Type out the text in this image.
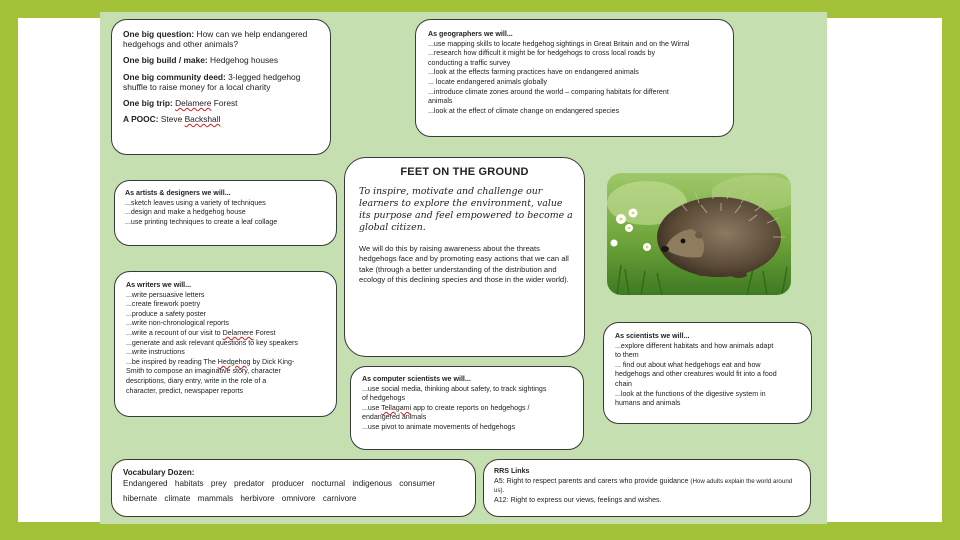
One big question: How can we help endangered
hedgehogs and other animals?
One big build / make: Hedgehog houses
One big community deed: 3-legged hedgehog
shuffle to raise money for a local charity
One big trip: Delamere Forest
A POOC: Steve Backshall
As geographers we will...
...use mapping skills to locate hedgehog sightings in Great Britain and on the Wirral
...research how difficult it might be for hedgehogs to cross local roads by
conducting a traffic survey
...look at the effects farming practices have on endangered animals
... locate endangered animals globally
...introduce climate zones around the world – comparing habitats for different
animals
...look at the effect of climate change on endangered species
As artists & designers we will...
...sketch leaves using a variety of techniques
...design and make a hedgehog house
...use printing techniques to create a leaf collage
FEET ON THE GROUND
To inspire, motivate and challenge our learners to explore the environment, value its purpose and feel empowered to become a global citizen.
We will do this by raising awareness about the threats hedgehogs face and by promoting easy actions that we can all take (through a better understanding of the distribution and ecology of this declining species and those in the wider world).
As writers we will...
...write persuasive letters
...create firework poetry
...produce a safety poster
...write non-chronological reports
...write a recount of our visit to Delamere Forest
...generate and ask relevant questions to key speakers
...write instructions
...be inspired by reading The Hedgehog by Dick King-
Smith to compose an imaginative story, character
descriptions, diary entry, write in the role of a
character, predict, newspaper reports
As scientists we will...
...explore different habitats and how animals adapt
to them
... find out about what hedgehogs eat and how
hedgehogs and other creatures would fit into a food
chain
...look at the functions of the digestive system in
humans and animals
As computer scientists we will...
...use social media, thinking about safety, to track sightings
of hedgehogs
...use Tellagami app to create reports on hedgehogs /
endangered animals
...use pivot to animate movements of hedgehogs
Vocabulary Dozen:
Endangered habitats prey predator producer nocturnal indigenous consumer
hibernate climate mammals herbivore omnivore carnivore
RRS Links
A5: Right to respect parents and carers who provide guidance (How adults explain the world around us).
A12: Right to express our views, feelings and wishes.
